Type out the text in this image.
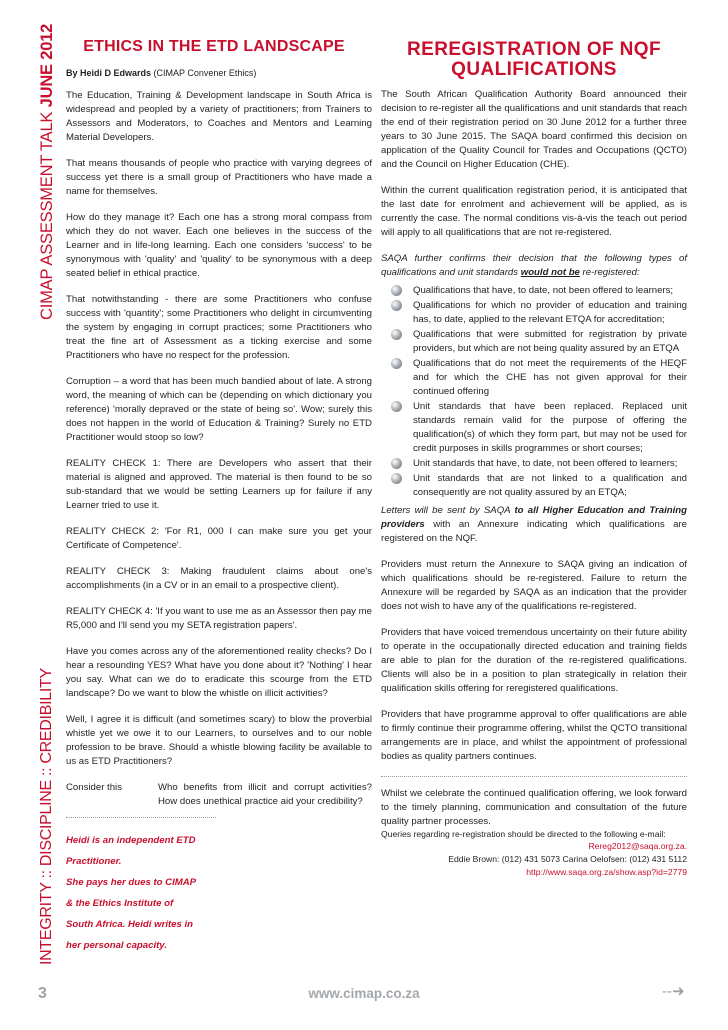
CIMAP ASSESSMENT TALK JUNE 2012
INTEGRITY :: DISCIPLINE :: CREDIBILITY
ETHICS IN THE ETD LANDSCAPE
By Heidi D Edwards (CIMAP Convener Ethics)

The Education, Training & Development landscape in South Africa is widespread and peopled by a variety of practitioners; from Trainers to Assessors and Moderators, to Coaches and Mentors and Learning Material Developers.

That means thousands of people who practice with varying degrees of success yet there is a small group of Practitioners who have made a name for themselves.

How do they manage it? Each one has a strong moral compass from which they do not waver. Each one believes in the success of the Learner and in life-long learning. Each one considers 'success' to be synonymous with 'quality' and 'quality' to be synonymous with a deep seated belief in ethical practice.

That notwithstanding - there are some Practitioners who confuse success with 'quantity'; some Practitioners who delight in circumventing the system by engaging in corrupt practices; some Practitioners who treat the fine art of Assessment as a ticking exercise and some Practitioners who have no respect for the profession.

Corruption – a word that has been much bandied about of late. A strong word, the meaning of which can be (depending on which dictionary you reference) 'morally depraved or the state of being so'. Wow; surely this does not happen in the world of Education & Training? Surely no ETD Practitioner would stoop so low?

REALITY CHECK 1: There are Developers who assert that their material is aligned and approved. The material is then found to be so sub-standard that we would be setting Learners up for failure if any Learner tried to use it.

REALITY CHECK 2: 'For R1, 000 I can make sure you get your Certificate of Competence'.

REALITY CHECK 3: Making fraudulent claims about one's accomplishments (in a CV or in an email to a prospective client).

REALITY CHECK 4: 'If you want to use me as an Assessor then pay me R5,000 and I'll send you my SETA registration papers'.

Have you comes across any of the aforementioned reality checks? Do I hear a resounding YES? What have you done about it? 'Nothing' I hear you say. What can we do to eradicate this scourge from the ETD landscape? Do we want to blow the whistle on illicit activities?

Well, I agree it is difficult (and sometimes scary) to blow the proverbial whistle yet we owe it to our Learners, to ourselves and to our noble profession to be brave. Should a whistle blowing facility be available to us as ETD Practitioners?

Consider this	Who benefits from illicit and corrupt activities? How does unethical practice aid your credibility?
Heidi is an independent ETD
Practitioner.
She pays her dues to CIMAP
& the Ethics Institute of
South Africa. Heidi writes in
her personal capacity.
REREGISTRATION OF NQF
QUALIFICATIONS

The South African Qualification Authority Board announced their decision to re-register all the qualifications and unit standards that reach the end of their registration period on 30 June 2012 for a further three years to 30 June 2015. The SAQA board confirmed this decision on application of the Quality Council for Trades and Occupations (QCTO) and the Council on Higher Education (CHE).

Within the current qualification registration period, it is anticipated that the last date for enrolment and achievement will be applied, as is currently the case. The normal conditions vis-à-vis the teach out period will apply to all qualifications that are not re-registered.

SAQA further confirms their decision that the following types of qualifications and unit standards would not be re-registered:

Qualifications that have, to date, not been offered to learners;
Qualifications for which no provider of education and training has, to date, applied to the relevant ETQA for accreditation;
Qualifications that were submitted for registration by private providers, but which are not being quality assured by an ETQA
Qualifications that do not meet the requirements of the HEQF and for which the CHE has not given approval for their continued offering
Unit standards that have been replaced. Replaced unit standards remain valid for the purpose of offering the qualification(s) of which they form part, but may not be used for credit purposes in skills programmes or short courses;
Unit standards that have, to date, not been offered to learners;
Unit standards that are not linked to a qualification and consequently are not quality assured by an ETQA;

Letters will be sent by SAQA to all Higher Education and Training providers with an Annexure indicating which qualifications are registered on the NQF.

Providers must return the Annexure to SAQA giving an indication of which qualifications should be re-registered. Failure to return the Annexure will be regarded by SAQA as an indication that the provider does not wish to have any of the qualifications re-registered.

Providers that have voiced tremendous uncertainty on their future ability to operate in the occupationally directed education and training fields are able to plan for the duration of the re-registered qualifications. Clients will also be in a position to plan strategically in relation their qualification skills offering for reregistered qualifications.

Providers that have programme approval to offer qualifications are able to firmly continue their programme offering, whilst the QCTO transitional arrangements are in place, and whilst the appointment of professional bodies as quality partners continues.

Whilst we celebrate the continued qualification offering, we look forward to the timely planning, communication and consultation of the future quality partner processes.

Queries regarding re-registration should be directed to the following e-mail:
Rereg2012@saqa.org.za.
Eddie Brown: (012) 431 5073 Carina Oelofsen: (012) 431 5112
http://www.saqa.org.za/show.asp?id=2779
3	www.cimap.co.za	--➜
